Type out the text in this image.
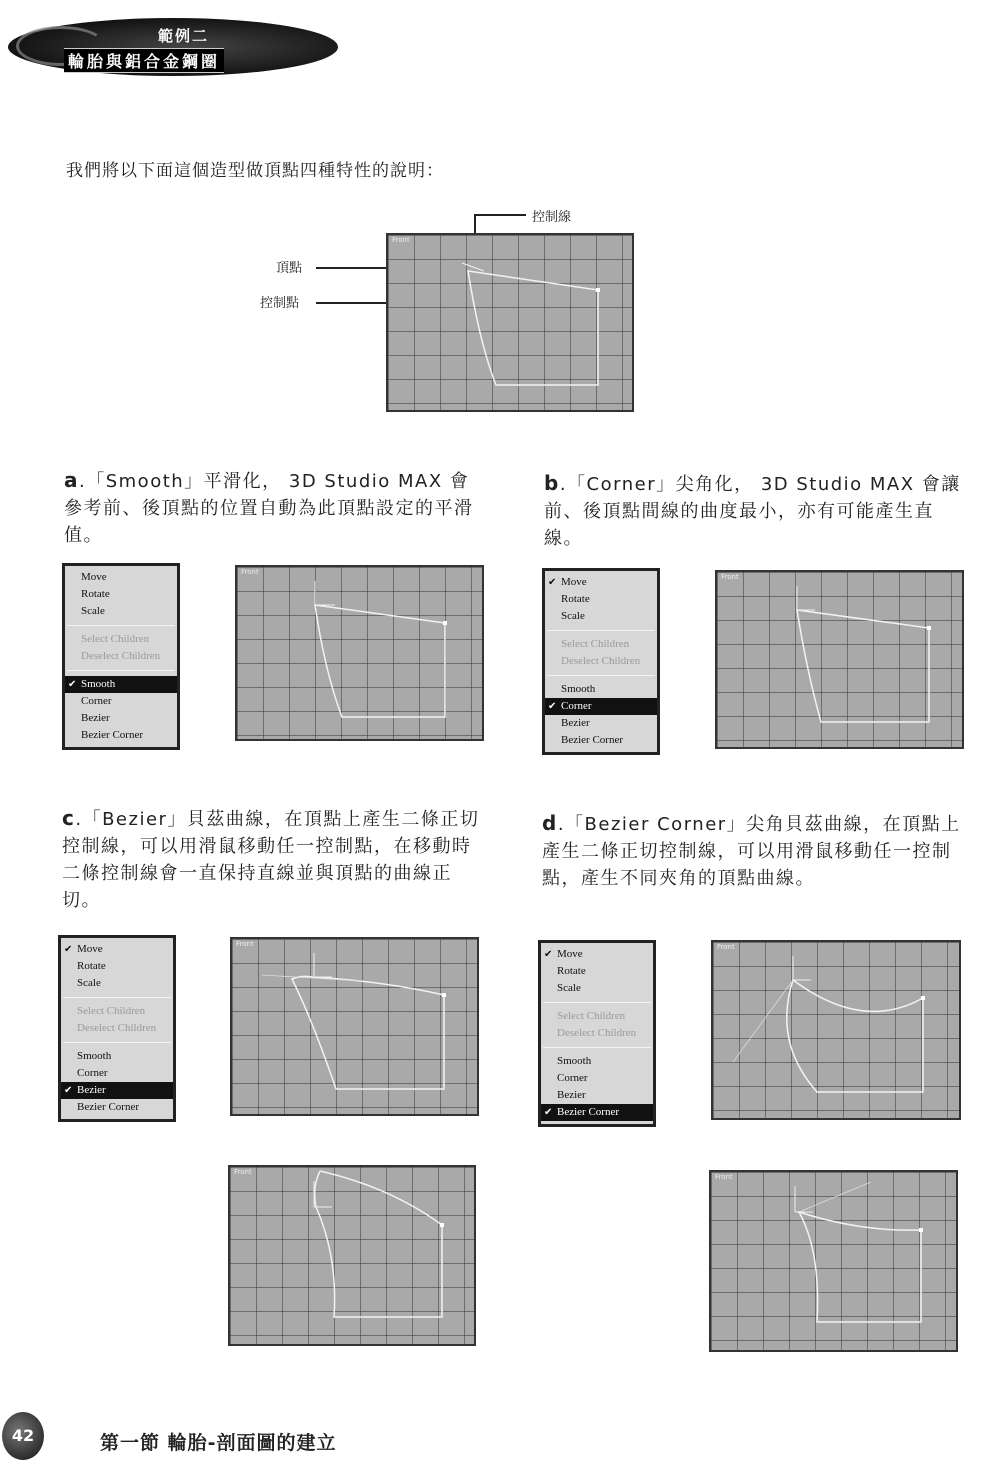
範例二
輪胎與鋁合金鋼圈
我們將以下面這個造型做頂點四種特性的說明：
控制線
頂點
控制點
Front
a.「Smooth」平滑化， 3D Studio MAX 會參考前、後頂點的位置自動為此頂點設定的平滑值。
b.「Corner」尖角化， 3D Studio MAX 會讓前、後頂點間線的曲度最小，亦有可能產生直線。
c.「Bezier」貝茲曲線，在頂點上產生二條正切控制線，可以用滑鼠移動任一控制點，在移動時二條控制線會一直保持直線並與頂點的曲線正切。
d.「Bezier Corner」尖角貝茲曲線，在頂點上產生二條正切控制線，可以用滑鼠移動任一控制點，產生不同夾角的頂點曲線。
Move
Rotate
Scale
Select Children
Deselect Children
✔ Smooth
Corner
Bezier
Bezier Corner
Front
✔ Move
Rotate
Scale
Select Children
Deselect Children
Smooth
✔ Corner
Bezier
Bezier Corner
Front
✔ Move
Rotate
Scale
Select Children
Deselect Children
Smooth
Corner
✔ Bezier
Bezier Corner
Front
Front
✔ Move
Rotate
Scale
Select Children
Deselect Children
Smooth
Corner
Bezier
✔ Bezier Corner
Front
Front
42	第一節 輪胎-剖面圖的建立
